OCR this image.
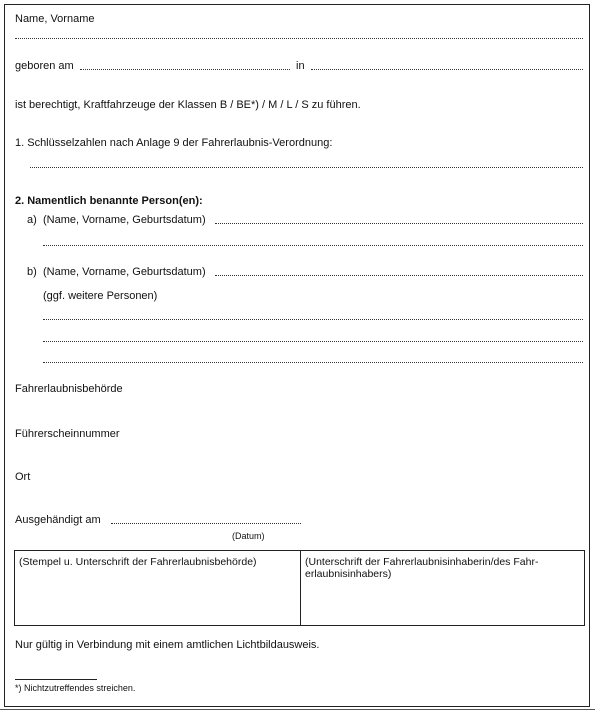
Name, Vorname
geboren am	in
ist berechtigt, Kraftfahrzeuge der Klassen B / BE*) / M / L / S zu führen.
1. Schlüsselzahlen nach Anlage 9 der Fahrerlaubnis-Verordnung:
2. Namentlich benannte Person(en):
a) (Name, Vorname, Geburtsdatum)
b) (Name, Vorname, Geburtsdatum)
(ggf. weitere Personen)
Fahrerlaubnisbehörde
Führerscheinnummer
Ort
Ausgehändigt am
(Datum)
(Stempel u. Unterschrift der Fahrerlaubnisbehörde)	(Unterschrift der Fahrerlaubnisinhaberin/des Fahr-erlaubnisinhabers)
Nur gültig in Verbindung mit einem amtlichen Lichtbildausweis.
*) Nichtzutreffendes streichen.
